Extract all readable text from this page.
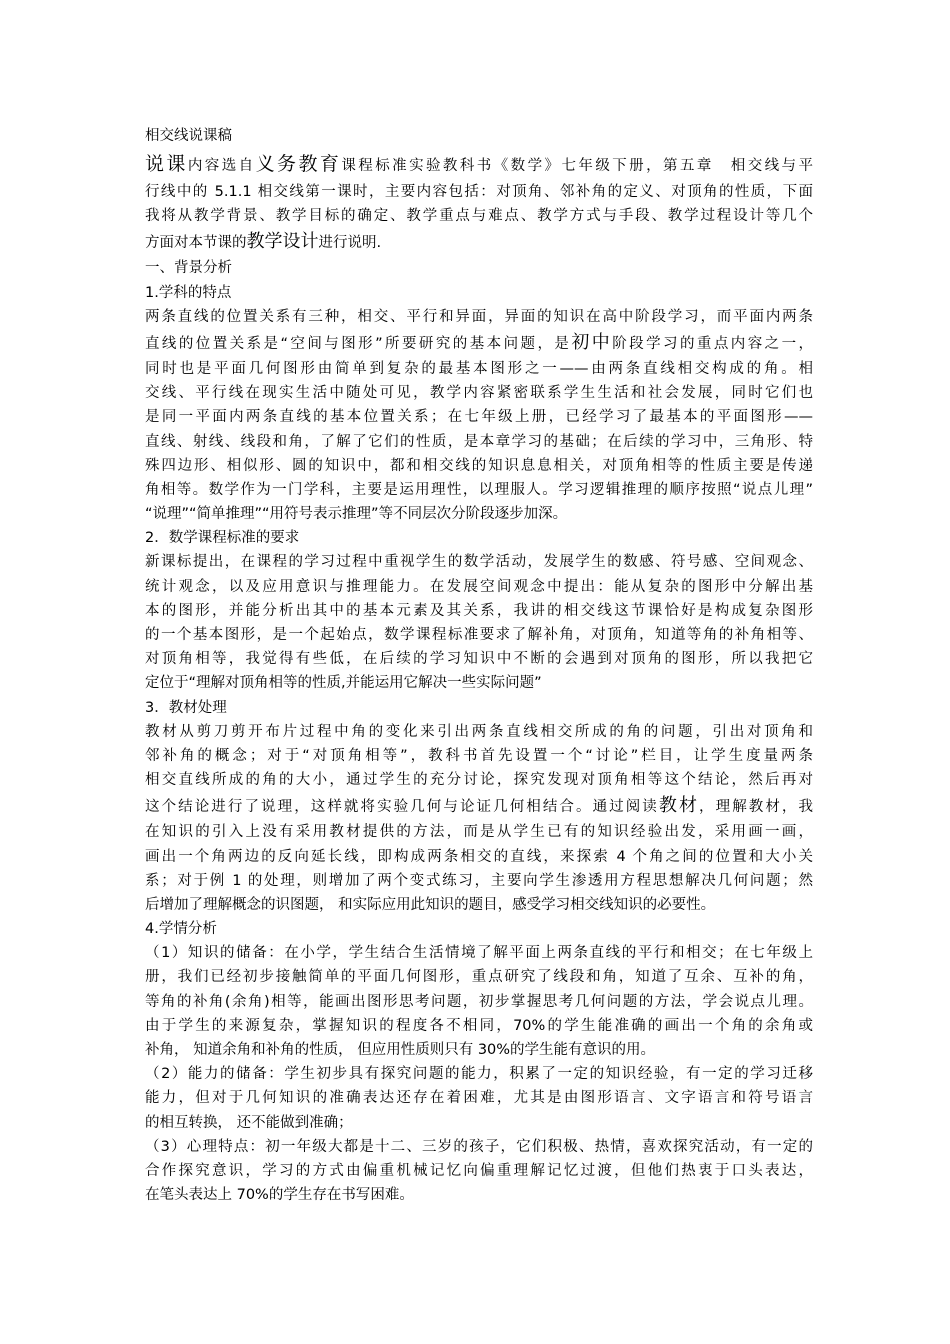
相交线说课稿
说课内容选自义务教育课程标准实验教科书《数学》七年级下册，第五章　相交线与平
行线中的 5.1.1 相交线第一课时，主要内容包括：对顶角、邻补角的定义、对顶角的性质，下面
我将从教学背景、教学目标的确定、教学重点与难点、教学方式与手段、教学过程设计等几个
方面对本节课的教学设计进行说明.
一、背景分析
1.学科的特点
两条直线的位置关系有三种，相交、平行和异面，异面的知识在高中阶段学习，而平面内两条
直线的位置关系是“空间与图形”所要研究的基本问题，是初中阶段学习的重点内容之一，
同时也是平面几何图形由简单到复杂的最基本图形之一——由两条直线相交构成的角。相
交线、平行线在现实生活中随处可见，教学内容紧密联系学生生活和社会发展，同时它们也
是同一平面内两条直线的基本位置关系；在七年级上册，已经学习了最基本的平面图形——
直线、射线、线段和角，了解了它们的性质，是本章学习的基础；在后续的学习中，三角形、特
殊四边形、相似形、圆的知识中，都和相交线的知识息息相关，对顶角相等的性质主要是传递
角相等。数学作为一门学科，主要是运用理性，以理服人。学习逻辑推理的顺序按照“说点儿理”
“说理”“简单推理”“用符号表示推理”等不同层次分阶段逐步加深。
2．数学课程标准的要求
新课标提出，在课程的学习过程中重视学生的数学活动，发展学生的数感、符号感、空间观念、
统计观念，以及应用意识与推理能力。在发展空间观念中提出：能从复杂的图形中分解出基
本的图形，并能分析出其中的基本元素及其关系，我讲的相交线这节课恰好是构成复杂图形
的一个基本图形，是一个起始点，数学课程标准要求了解补角，对顶角，知道等角的补角相等、
对顶角相等，我觉得有些低，在后续的学习知识中不断的会遇到对顶角的图形，所以我把它
定位于“理解对顶角相等的性质,并能运用它解决一些实际问题”
3．教材处理
教材从剪刀剪开布片过程中角的变化来引出两条直线相交所成的角的问题，引出对顶角和
邻补角的概念；对于“对顶角相等”，教科书首先设置一个“讨论”栏目，让学生度量两条
相交直线所成的角的大小，通过学生的充分讨论，探究发现对顶角相等这个结论，然后再对
这个结论进行了说理，这样就将实验几何与论证几何相结合。通过阅读教材，理解教材，我
在知识的引入上没有采用教材提供的方法，而是从学生已有的知识经验出发，采用画一画，
画出一个角两边的反向延长线，即构成两条相交的直线，来探索 4 个角之间的位置和大小关
系；对于例 1 的处理，则增加了两个变式练习，主要向学生渗透用方程思想解决几何问题；然
后增加了理解概念的识图题， 和实际应用此知识的题目，感受学习相交线知识的必要性。
4.学情分析
（1）知识的储备：在小学，学生结合生活情境了解平面上两条直线的平行和相交；在七年级上
册，我们已经初步接触简单的平面几何图形，重点研究了线段和角，知道了互余、互补的角，
等角的补角(余角)相等，能画出图形思考问题，初步掌握思考几何问题的方法，学会说点儿理。
由于学生的来源复杂，掌握知识的程度各不相同，70%的学生能准确的画出一个角的余角或
补角， 知道余角和补角的性质， 但应用性质则只有 30%的学生能有意识的用。
（2）能力的储备：学生初步具有探究问题的能力，积累了一定的知识经验，有一定的学习迁移
能力，但对于几何知识的准确表达还存在着困难，尤其是由图形语言、文字语言和符号语言
的相互转换， 还不能做到准确；
（3）心理特点：初一年级大都是十二、三岁的孩子，它们积极、热情，喜欢探究活动，有一定的
合作探究意识，学习的方式由偏重机械记忆向偏重理解记忆过渡，但他们热衷于口头表达，
在笔头表达上 70%的学生存在书写困难。
